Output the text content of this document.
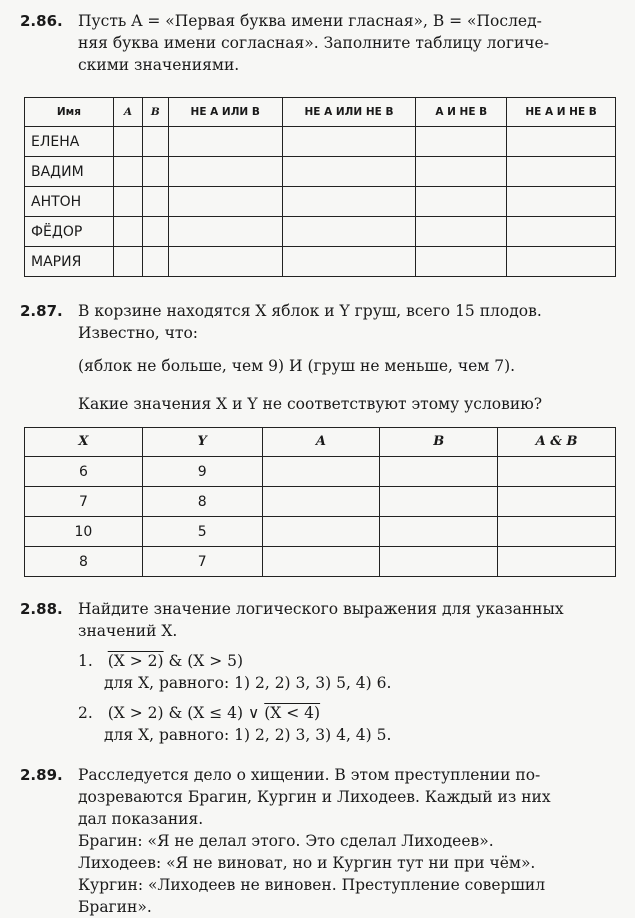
2.86. Пусть A = «Первая буква имени гласная», B = «Послед-
няя буква имени согласная». Заполните таблицу логиче-
скими значениями.
Имя	A	B	НЕ A ИЛИ B	НЕ A ИЛИ НЕ B	A И НЕ B	НЕ A И НЕ B
ЕЛЕНА						
ВАДИМ						
АНТОН						
ФЁДОР						
МАРИЯ						
2.87. В корзине находятся X яблок и Y груш, всего 15 плодов.
Известно, что:
(яблок не больше, чем 9) И (груш не меньше, чем 7).
Какие значения X и Y не соответствуют этому условию?
X	Y	A	B	A & B
6	9			
7	8			
10	5			
8	7			
2.88. Найдите значение логического выражения для указанных
значений X.
1. (X > 2) & (X > 5)
для X, равного: 1) 2, 2) 3, 3) 5, 4) 6.
2. (X > 2) & (X ≤ 4) ∨ (X < 4)
для X, равного: 1) 2, 2) 3, 3) 4, 4) 5.
2.89. Расследуется дело о хищении. В этом преступлении по-
дозреваются Брагин, Кургин и Лиходеев. Каждый из них
дал показания.
Брагин: «Я не делал этого. Это сделал Лиходеев».
Лиходеев: «Я не виноват, но и Кургин тут ни при чём».
Кургин: «Лиходеев не виновен. Преступление совершил
Брагин».
